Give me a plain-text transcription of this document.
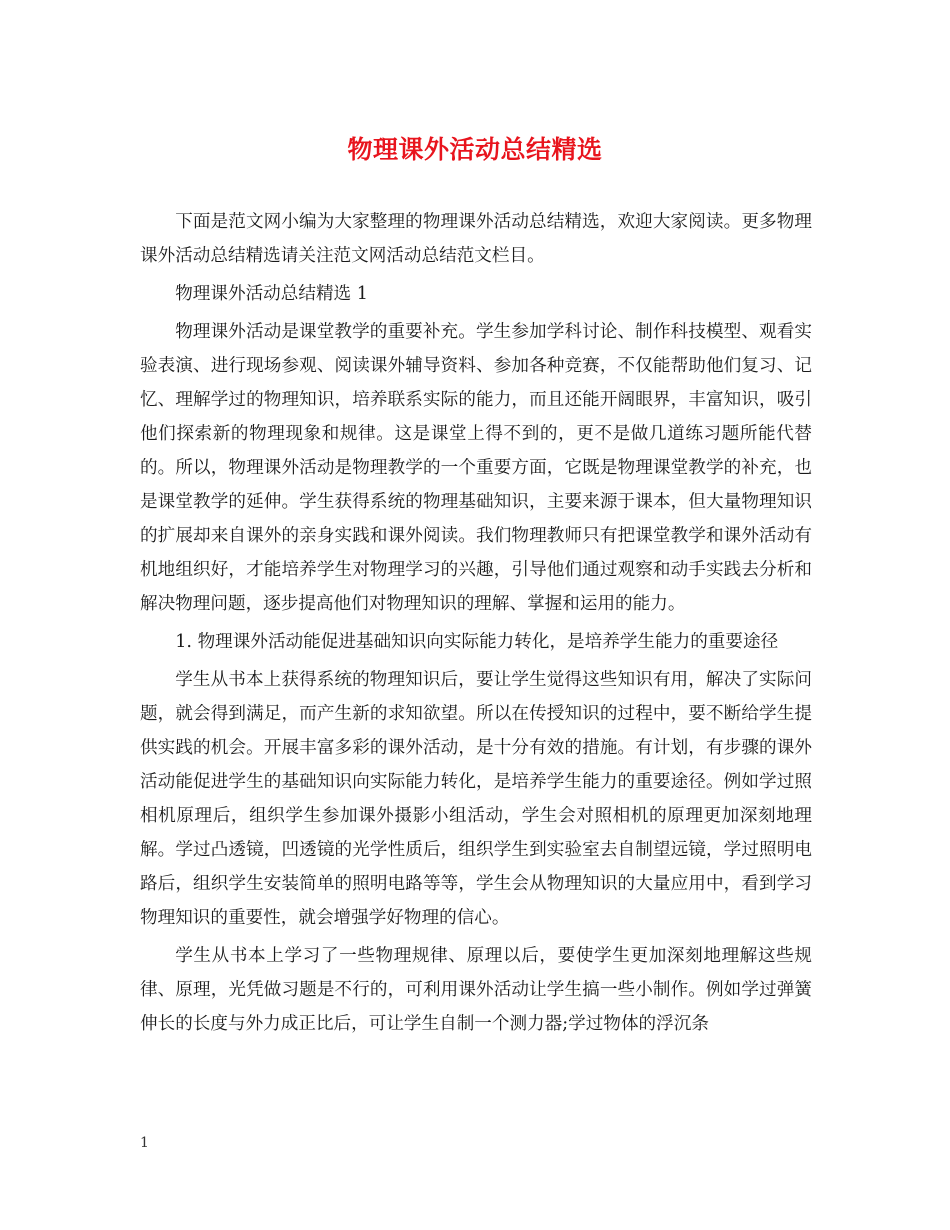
物理课外活动总结精选

下面是范文网小编为大家整理的物理课外活动总结精选，欢迎大家阅读。更多物理课外活动总结精选请关注范文网活动总结范文栏目。

物理课外活动总结精选 1

物理课外活动是课堂教学的重要补充。学生参加学科讨论、制作科技模型、观看实验表演、进行现场参观、阅读课外辅导资料、参加各种竞赛，不仅能帮助他们复习、记忆、理解学过的物理知识，培养联系实际的能力，而且还能开阔眼界，丰富知识，吸引他们探索新的物理现象和规律。这是课堂上得不到的，更不是做几道练习题所能代替的。所以，物理课外活动是物理教学的一个重要方面，它既是物理课堂教学的补充，也是课堂教学的延伸。学生获得系统的物理基础知识，主要来源于课本，但大量物理知识的扩展却来自课外的亲身实践和课外阅读。我们物理教师只有把课堂教学和课外活动有机地组织好，才能培养学生对物理学习的兴趣，引导他们通过观察和动手实践去分析和解决物理问题，逐步提高他们对物理知识的理解、掌握和运用的能力。

1. 物理课外活动能促进基础知识向实际能力转化，是培养学生能力的重要途径

学生从书本上获得系统的物理知识后，要让学生觉得这些知识有用，解决了实际问题，就会得到满足，而产生新的求知欲望。所以在传授知识的过程中，要不断给学生提供实践的机会。开展丰富多彩的课外活动，是十分有效的措施。有计划，有步骤的课外活动能促进学生的基础知识向实际能力转化，是培养学生能力的重要途径。例如学过照相机原理后，组织学生参加课外摄影小组活动，学生会对照相机的原理更加深刻地理解。学过凸透镜，凹透镜的光学性质后，组织学生到实验室去自制望远镜，学过照明电路后，组织学生安装简单的照明电路等等，学生会从物理知识的大量应用中，看到学习物理知识的重要性，就会增强学好物理的信心。

学生从书本上学习了一些物理规律、原理以后，要使学生更加深刻地理解这些规律、原理，光凭做习题是不行的，可利用课外活动让学生搞一些小制作。例如学过弹簧伸长的长度与外力成正比后，可让学生自制一个测力器;学过物体的浮沉条

1
